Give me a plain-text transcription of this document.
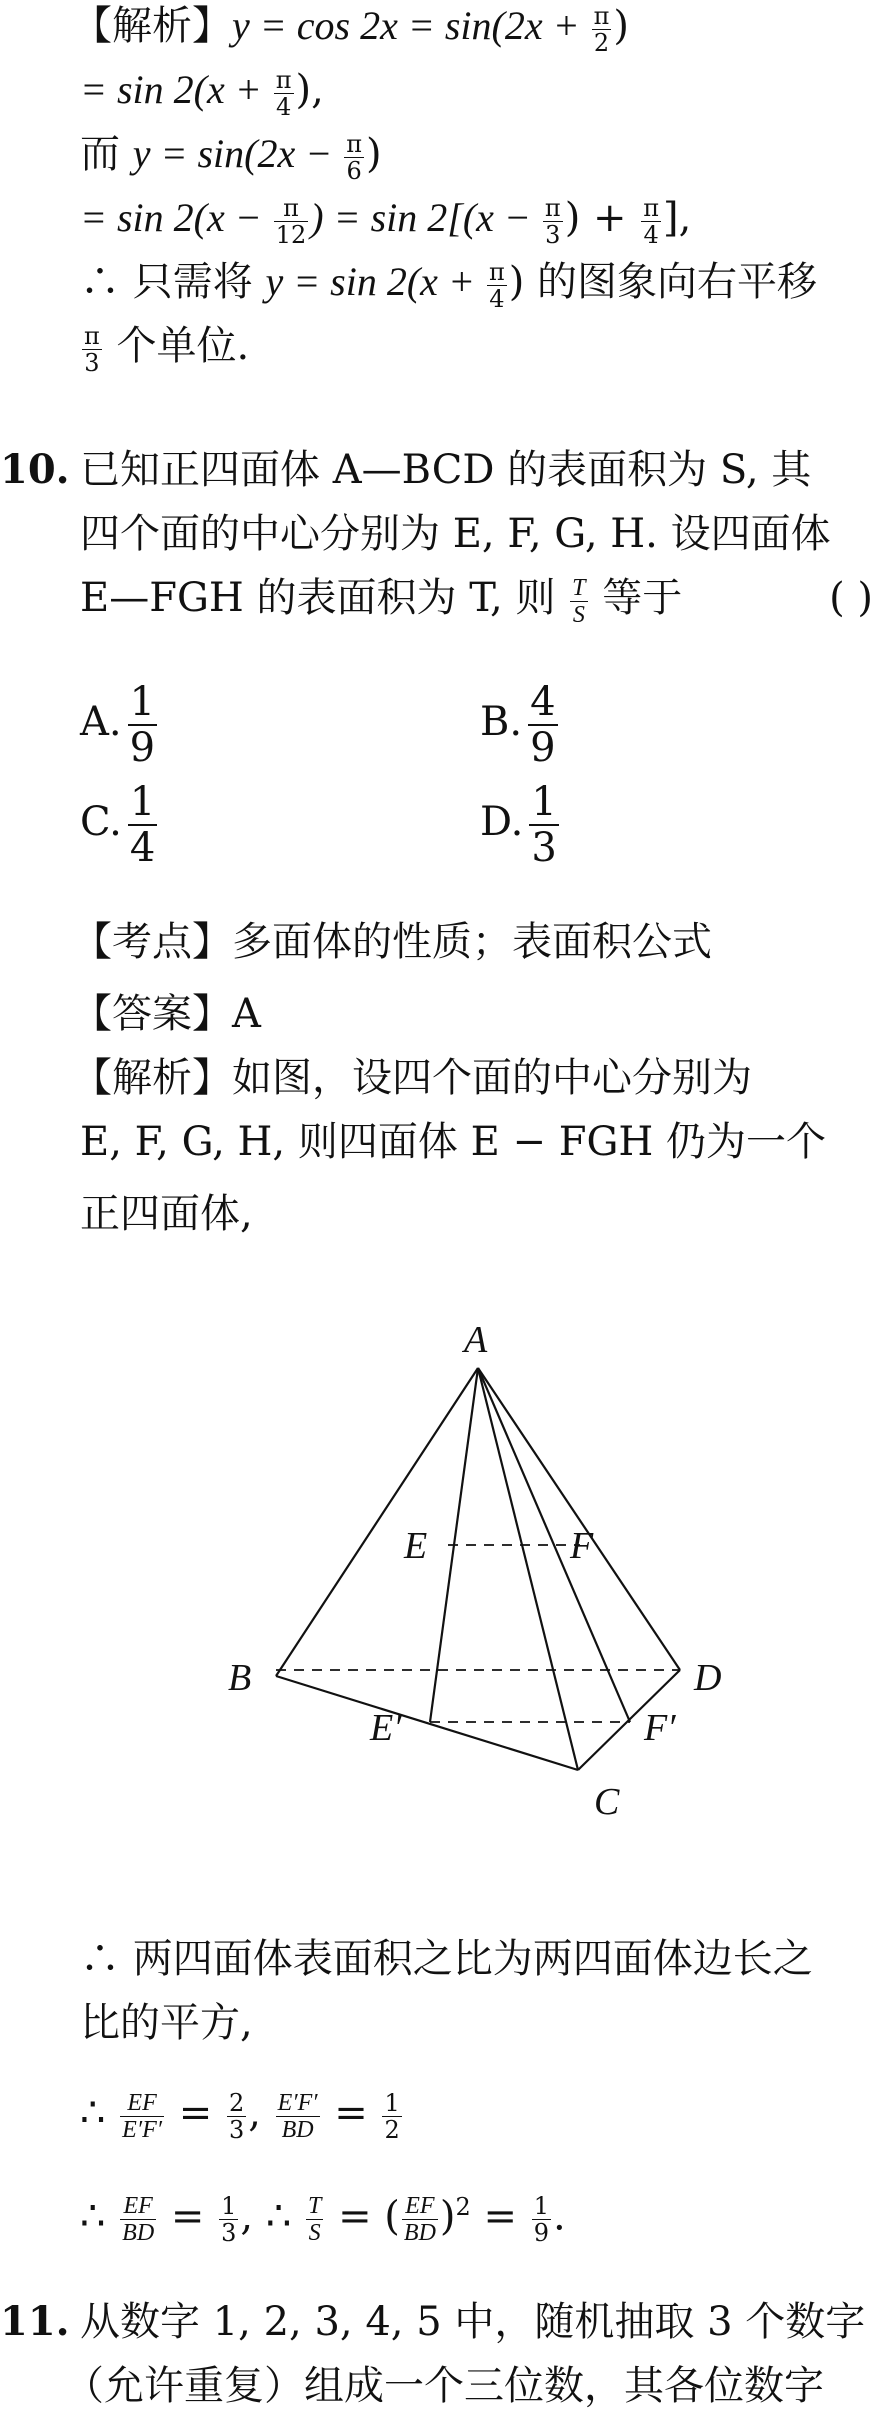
【解析】$y = \cos 2x = \sin(2x + \frac{\pi}{2}$ )
= $\sin 2(x + \frac{\pi}{4}$ ),
而 $y = \sin(2x - \frac{\pi}{6}$ )
= $\sin 2(x - \frac{\pi}{12}$ ) = $\sin 2[(x - \frac{\pi}{3}$ ) + $\frac{\pi}{4}$ ],
∴ 只需将 $y = \sin 2(x + \frac{\pi}{4}$ ) 的图象向右平移
$\frac{\pi}{3}$ 个单位.
10. 已知正四面体 A—BCD 的表面积为 S, 其
四个面的中心分别为 E, F, G, H. 设四面体
E—FGH 的表面积为 T, 则 $\frac{T}{S}$ 等于	( )
A. $\frac{1}{9}$	B. $\frac{4}{9}$
C. $\frac{1}{4}$	D. $\frac{1}{3}$
【考点】多面体的性质；表面积公式
【答案】A
【解析】如图，设四个面的中心分别为
E, F, G, H, 则四面体 E − FGH 仍为一个
正四面体,
A
B
C
D
E	F
E′	F′
∴ 两四面体表面积之比为两四面体边长之
比的平方,
∴ $\frac{EF}{E'F'} = \frac{2}{3}$ , $\frac{E'F'}{BD} = \frac{1}{2}$
∴ $\frac{EF}{BD} = \frac{1}{3}$ , ∴ $\frac{T}{S}$ = ( $\frac{EF}{BD} )^2 = \frac{1}{9}$ .
11. 从数字 1, 2, 3, 4, 5 中，随机抽取 3 个数字
（允许重复）组成一个三位数，其各位数字
